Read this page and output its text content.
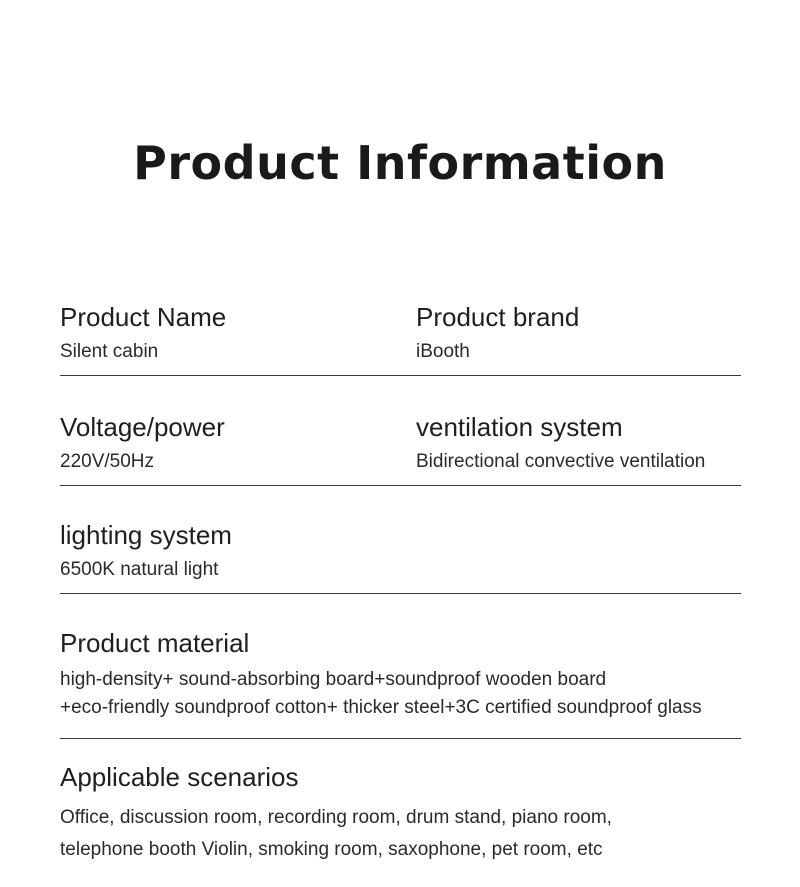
Product Information
Product Name
Silent cabin
Product brand
iBooth
Voltage/power
220V/50Hz
ventilation system
Bidirectional convective ventilation
lighting system
6500K natural light
Product material
high-density+ sound-absorbing board+soundproof wooden board
+eco-friendly soundproof cotton+ thicker steel+3C certified soundproof glass
Applicable scenarios
Office, discussion room, recording room, drum stand, piano room,
telephone booth Violin, smoking room, saxophone, pet room, etc
